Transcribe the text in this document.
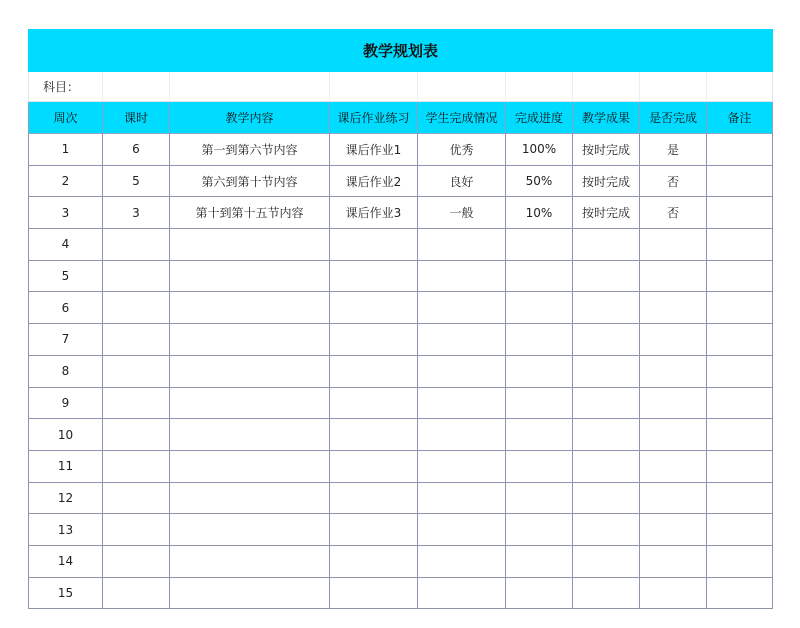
教学规划表								
科目：								
周次	课时	教学内容	课后作业练习	学生完成情况	完成进度	教学成果	是否完成	备注
1	6	第一到第六节内容	课后作业1	优秀	100%	按时完成	是	
2	5	第六到第十节内容	课后作业2	良好	50%	按时完成	否	
3	3	第十到第十五节内容	课后作业3	一般	10%	按时完成	否	
4								
5								
6								
7								
8								
9								
10								
11								
12								
13								
14								
15								
